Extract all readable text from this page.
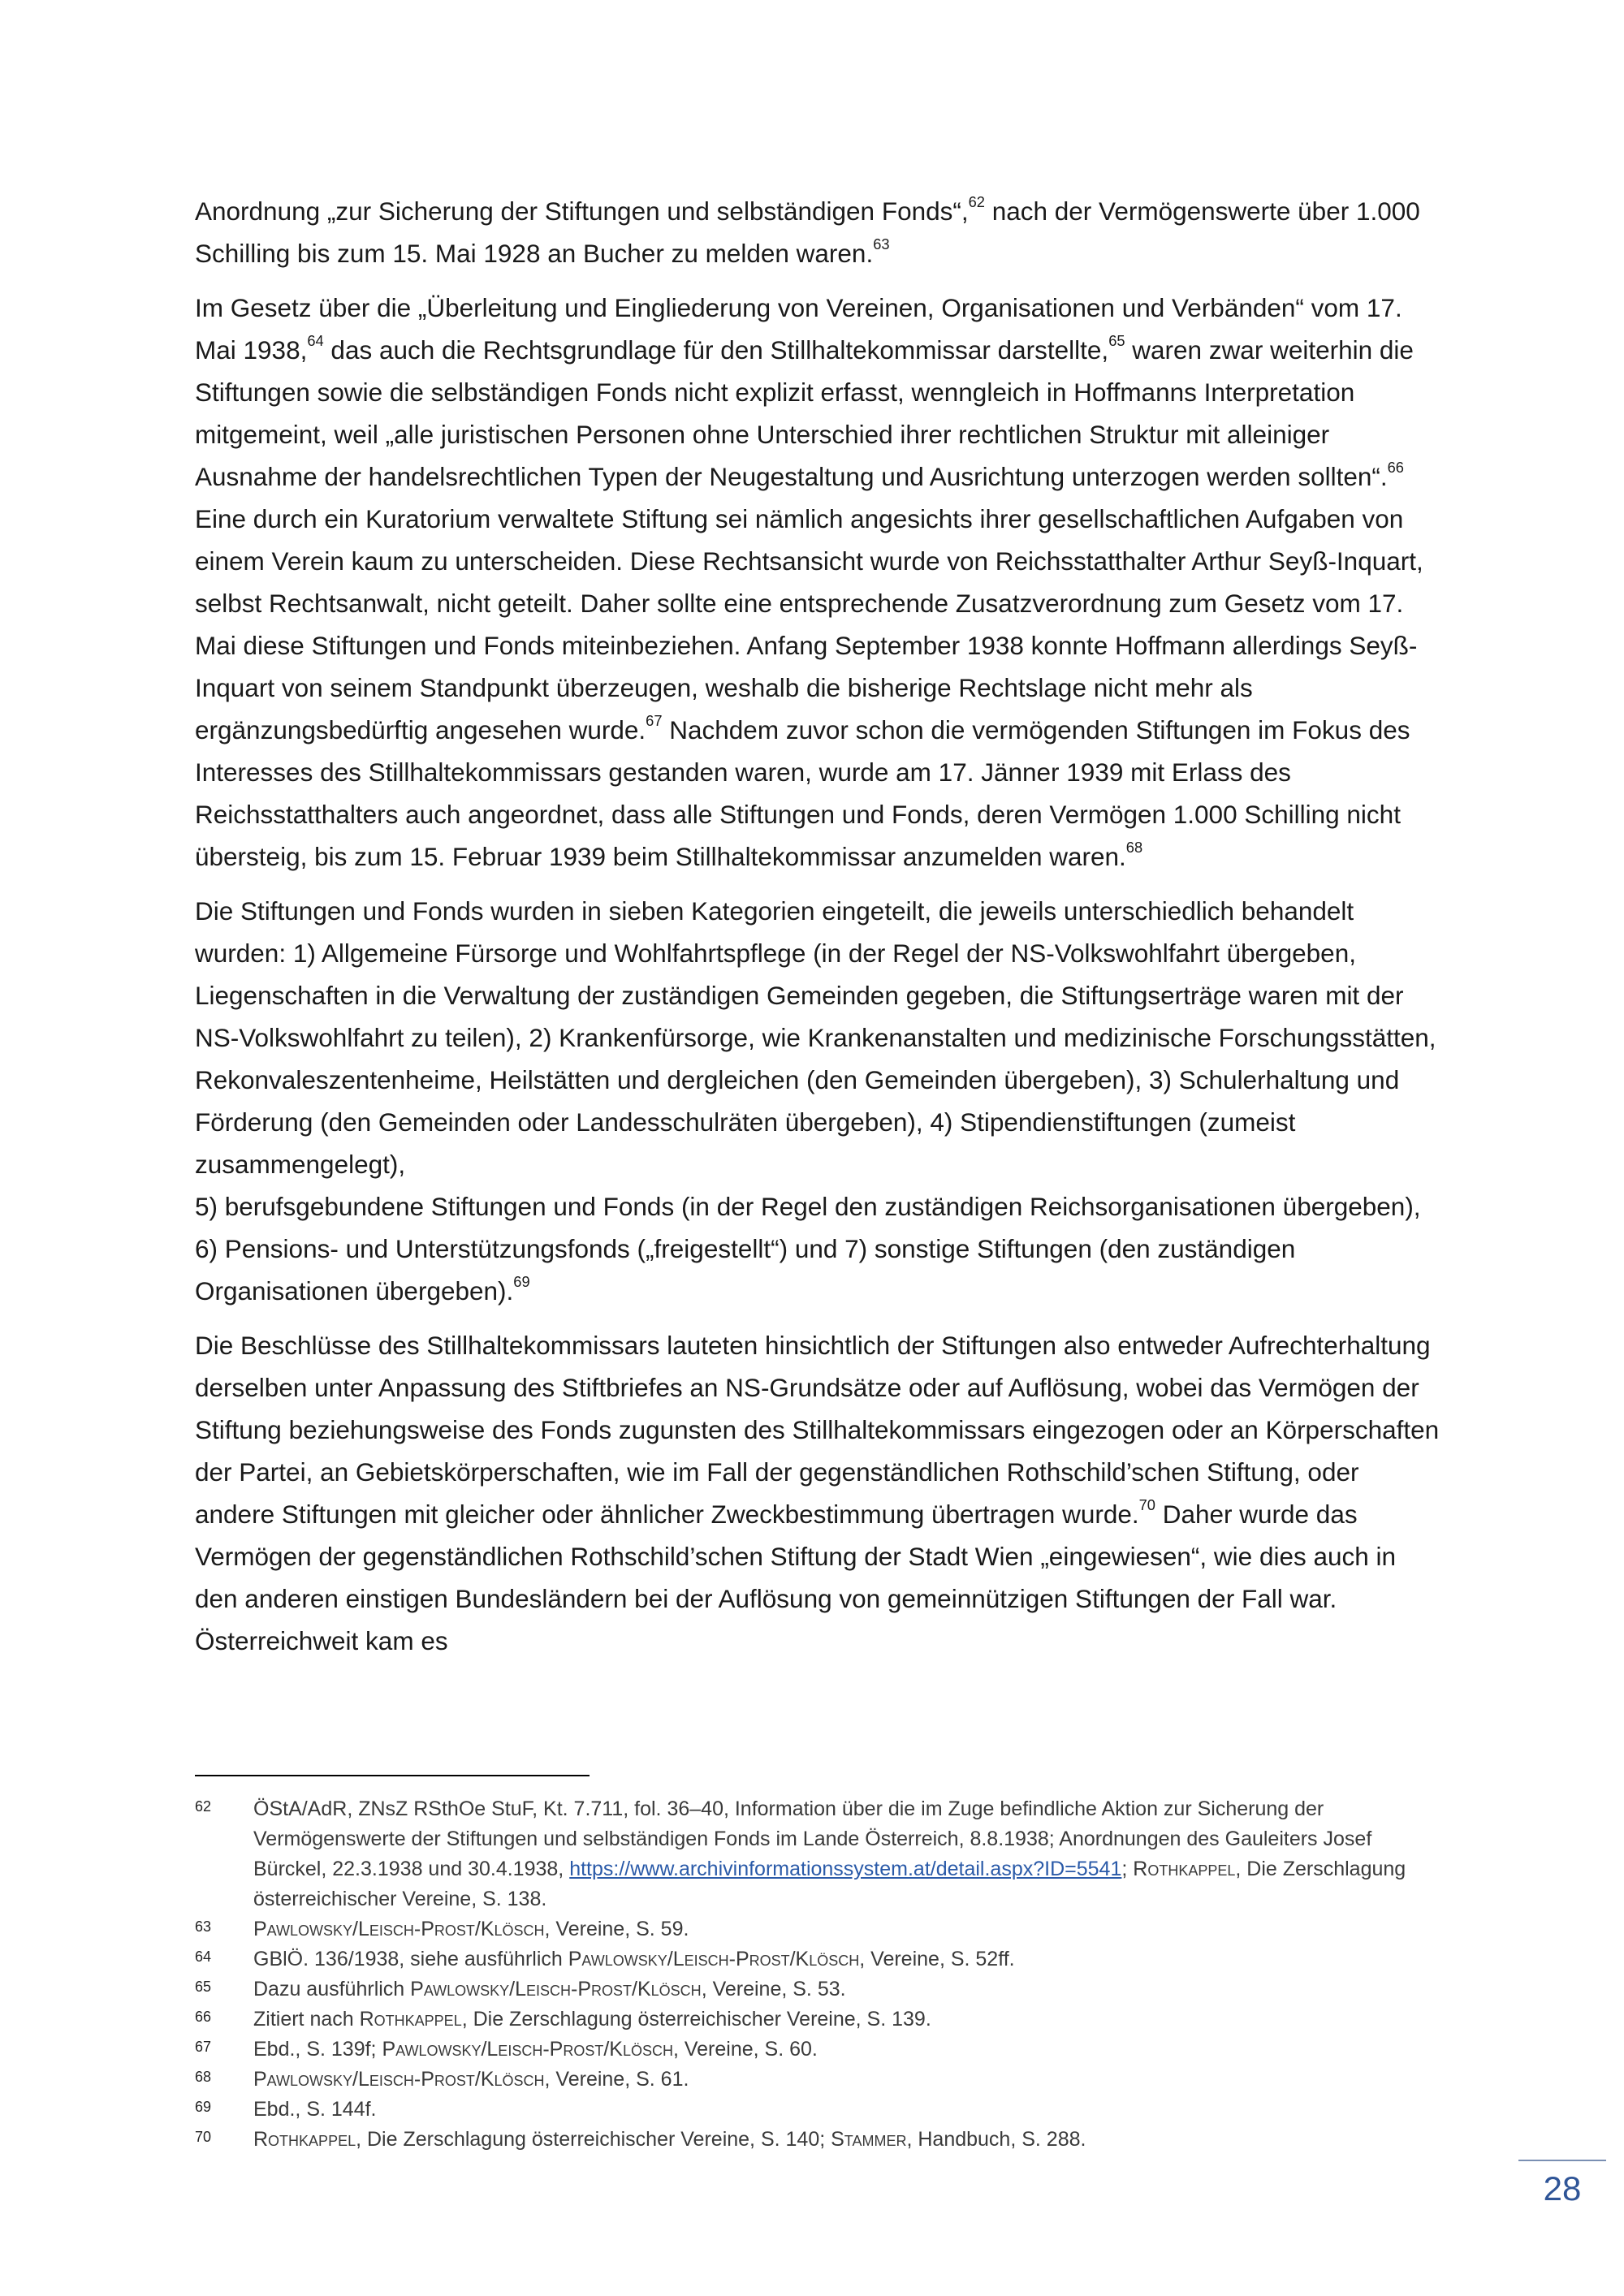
Anordnung „zur Sicherung der Stiftungen und selbständigen Fonds“,$^{62}$ nach der Vermögenswerte über 1.000 Schilling bis zum 15. Mai 1928 an Bucher zu melden waren.$^{63}$

Im Gesetz über die „Überleitung und Eingliederung von Vereinen, Organisationen und Verbänden“ vom 17. Mai 1938,64 das auch die Rechtsgrundlage für den Stillhaltekommissar darstellte,$^{65}$ waren zwar weiterhin die Stiftungen sowie die selbständigen Fonds nicht explizit erfasst, wenngleich in Hoffmanns Interpretation mitgemeint, weil „alle juristischen Personen ohne Unterschied ihrer rechtlichen Struktur mit alleiniger Ausnahme der handelsrechtlichen Typen der Neugestaltung und Ausrichtung unterzogen werden sollten“.$^{66}$ Eine durch ein Kuratorium verwaltete Stiftung sei nämlich angesichts ihrer gesellschaftlichen Aufgaben von einem Verein kaum zu unterscheiden. Diese Rechtsansicht wurde von Reichsstatthalter Arthur Seyß-Inquart, selbst Rechtsanwalt, nicht geteilt. Daher sollte eine entsprechende Zusatzverordnung zum Gesetz vom 17. Mai diese Stiftungen und Fonds miteinbeziehen. Anfang September 1938 konnte Hoffmann allerdings Seyß-Inquart von seinem Standpunkt überzeugen, weshalb die bisherige Rechtslage nicht mehr als ergänzungsbedürftig angesehen wurde.$^{67}$ Nachdem zuvor schon die vermögenden Stiftungen im Fokus des Interesses des Stillhaltekommissars gestanden waren, wurde am 17. Jänner 1939 mit Erlass des Reichsstatthalters auch angeordnet, dass alle Stiftungen und Fonds, deren Vermögen 1.000 Schilling nicht übersteig, bis zum 15. Februar 1939 beim Stillhaltekommissar anzumelden waren.$^{68}$

Die Stiftungen und Fonds wurden in sieben Kategorien eingeteilt, die jeweils unterschiedlich behandelt wurden: 1) Allgemeine Fürsorge und Wohlfahrtspflege (in der Regel der NS-Volkswohlfahrt übergeben, Liegenschaften in die Verwaltung der zuständigen Gemeinden gegeben, die Stiftungserträge waren mit der NS-Volkswohlfahrt zu teilen), 2) Krankenfürsorge, wie Krankenanstalten und medizinische Forschungsstätten, Rekonvaleszentenheime, Heilstätten und dergleichen (den Gemeinden übergeben), 3) Schulerhaltung und Förderung (den Gemeinden oder Landesschulräten übergeben), 4) Stipendienstiftungen (zumeist zusammengelegt),
5) berufsgebundene Stiftungen und Fonds (in der Regel den zuständigen Reichsorganisationen übergeben), 6) Pensions- und Unterstützungsfonds („freigestellt“) und 7) sonstige Stiftungen (den zuständigen Organisationen übergeben).$^{69}$

Die Beschlüsse des Stillhaltekommissars lauteten hinsichtlich der Stiftungen also entweder Aufrechterhaltung derselben unter Anpassung des Stiftbriefes an NS-Grundsätze oder auf Auflösung, wobei das Vermögen der Stiftung beziehungsweise des Fonds zugunsten des Stillhaltekommissars eingezogen oder an Körperschaften der Partei, an Gebietskörperschaften, wie im Fall der gegenständlichen Rothschild’schen Stiftung, oder andere Stiftungen mit gleicher oder ähnlicher Zweckbestimmung übertragen wurde.$^{70}$ Daher wurde das Vermögen der gegenständlichen Rothschild’schen Stiftung der Stadt Wien „eingewiesen“, wie dies auch in den anderen einstigen Bundesländern bei der Auflösung von gemeinnützigen Stiftungen der Fall war. Österreichweit kam es

62	ÖStA/AdR, ZNsZ RSthOe StuF, Kt. 7.711, fol. 36–40, Information über die im Zuge befindliche Aktion zur Sicherung der Vermögenswerte der Stiftungen und selbständigen Fonds im Lande Österreich, 8.8.1938; Anordnungen des Gauleiters Josef Bürckel, 22.3.1938 und 30.4.1938, https://www.archivinformationssystem.at/detail.aspx?ID=5541; Rothkappel, Die Zerschlagung österreichischer Vereine, S. 138.
63	Pawlowsky/Leisch-Prost/Klösch, Vereine, S. 59.
64	GBlÖ. 136/1938, siehe ausführlich Pawlowsky/Leisch-Prost/Klösch, Vereine, S. 52ff.
65	Dazu ausführlich Pawlowsky/Leisch-Prost/Klösch, Vereine, S. 53.
66	Zitiert nach Rothkappel, Die Zerschlagung österreichischer Vereine, S. 139.
67	Ebd., S. 139f; Pawlowsky/Leisch-Prost/Klösch, Vereine, S. 60.
68	Pawlowsky/Leisch-Prost/Klösch, Vereine, S. 61.
69	Ebd., S. 144f.
70	Rothkappel, Die Zerschlagung österreichischer Vereine, S. 140; Stammer, Handbuch, S. 288.
28
